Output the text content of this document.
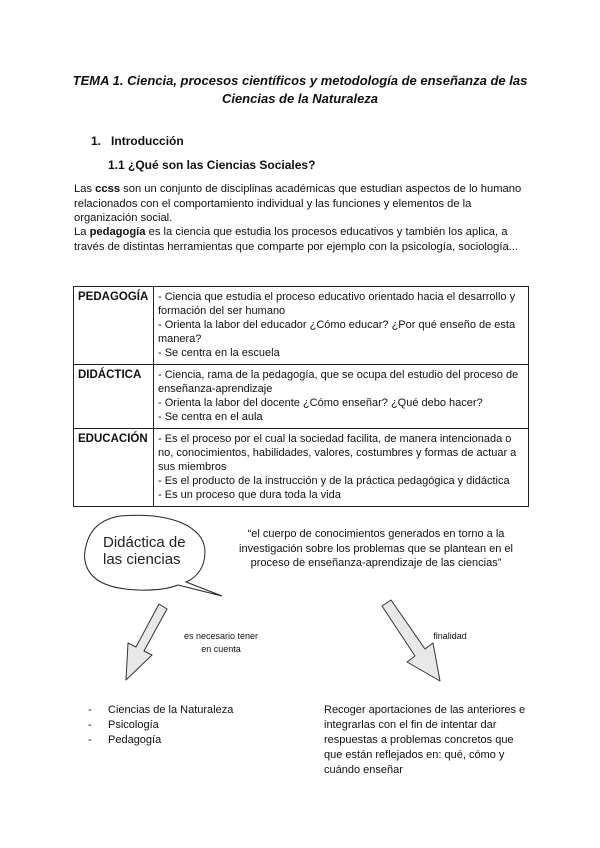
TEMA 1. Ciencia, procesos científicos y metodología de enseñanza de las Ciencias de la Naturaleza
1. Introducción
1.1 ¿Qué son las Ciencias Sociales?
Las ccss son un conjunto de disciplinas académicas que estudian aspectos de lo humano relacionados con el comportamiento individual y las funciones y elementos de la organización social.
La pedagogía es la ciencia que estudia los procesos educativos y también los aplica, a través de distintas herramientas que comparte por ejemplo con la psicología, sociología...
PEDAGOGÍA	- Ciencia que estudia el proceso educativo orientado hacia el desarrollo y formación del ser humano
- Orienta la labor del educador ¿Cómo educar? ¿Por qué enseño de esta manera?
- Se centra en la escuela

DIDÁCTICA	- Ciencia, rama de la pedagogía, que se ocupa del estudio del proceso de enseñanza-aprendizaje
- Orienta la labor del docente ¿Cómo enseñar? ¿Qué debo hacer?
- Se centra en el aula

EDUCACIÓN	- Es el proceso por el cual la sociedad facilita, de manera intencionada o no, conocimientos, habilidades, valores, costumbres y formas de actuar a sus miembros
- Es el producto de la instrucción y de la práctica pedagógica y didáctica
- Es un proceso que dura toda la vida
Didáctica de
las ciencias
“el cuerpo de conocimientos generados en torno a la investigación sobre los problemas que se plantean en el proceso de enseñanza-aprendizaje de las ciencias”
es necesario tener
en cuenta
finalidad
- Ciencias de la Naturaleza
- Psicología
- Pedagogía
Recoger aportaciones de las anteriores e integrarlas con el fin de intentar dar respuestas a problemas concretos que que están reflejados en: qué, cómo y cuándo enseñar
